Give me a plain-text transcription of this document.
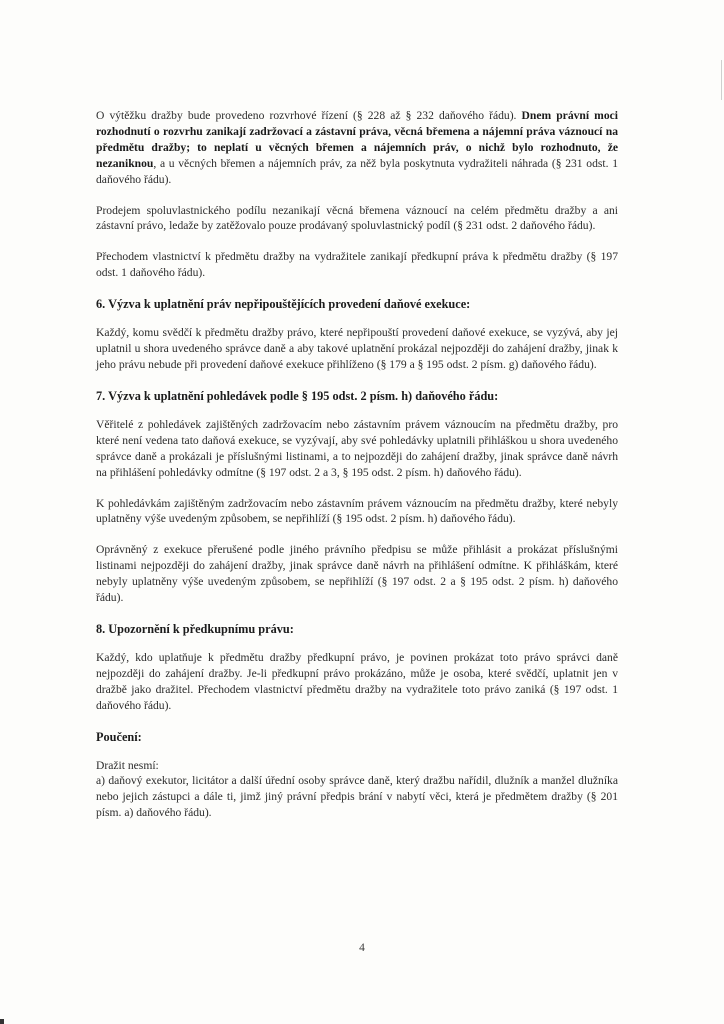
O výtěžku dražby bude provedeno rozvrhové řízení (§ 228 až § 232 daňového řádu). Dnem právní moci rozhodnutí o rozvrhu zanikají zadržovací a zástavní práva, věcná břemena a nájemní práva váznoucí na předmětu dražby; to neplatí u věcných břemen a nájemních práv, o nichž bylo rozhodnuto, že nezaniknou, a u věcných břemen a nájemních práv, za něž byla poskytnuta vydražiteli náhrada (§ 231 odst. 1 daňového řádu).

Prodejem spoluvlastnického podílu nezanikají věcná břemena váznoucí na celém předmětu dražby a ani zástavní právo, ledaže by zatěžovalo pouze prodávaný spoluvlastnický podíl (§ 231 odst. 2 daňového řádu).

Přechodem vlastnictví k předmětu dražby na vydražitele zanikají předkupní práva k předmětu dražby (§ 197 odst. 1 daňového řádu).

6. Výzva k uplatnění práv nepřipouštějících provedení daňové exekuce:

Každý, komu svědčí k předmětu dražby právo, které nepřipouští provedení daňové exekuce, se vyzývá, aby jej uplatnil u shora uvedeného správce daně a aby takové uplatnění prokázal nejpozději do zahájení dražby, jinak k jeho právu nebude při provedení daňové exekuce přihlíženo (§ 179 a § 195 odst. 2 písm. g) daňového řádu).

7. Výzva k uplatnění pohledávek podle § 195 odst. 2 písm. h) daňového řádu:

Věřitelé z pohledávek zajištěných zadržovacím nebo zástavním právem váznoucím na předmětu dražby, pro které není vedena tato daňová exekuce, se vyzývají, aby své pohledávky uplatnili přihláškou u shora uvedeného správce daně a prokázali je příslušnými listinami, a to nejpozději do zahájení dražby, jinak správce daně návrh na přihlášení pohledávky odmítne (§ 197 odst. 2 a 3, § 195 odst. 2 písm. h) daňového řádu).

K pohledávkám zajištěným zadržovacím nebo zástavním právem váznoucím na předmětu dražby, které nebyly uplatněny výše uvedeným způsobem, se nepřihlíží (§ 195 odst. 2 písm. h) daňového řádu).

Oprávněný z exekuce přerušené podle jiného právního předpisu se může přihlásit a prokázat příslušnými listinami nejpozději do zahájení dražby, jinak správce daně návrh na přihlášení odmítne. K přihláškám, které nebyly uplatněny výše uvedeným způsobem, se nepřihlíží (§ 197 odst. 2 a § 195 odst. 2 písm. h) daňového řádu).

8. Upozornění k předkupnímu právu:

Každý, kdo uplatňuje k předmětu dražby předkupní právo, je povinen prokázat toto právo správci daně nejpozději do zahájení dražby. Je-li předkupní právo prokázáno, může je osoba, které svědčí, uplatnit jen v dražbě jako dražitel. Přechodem vlastnictví předmětu dražby na vydražitele toto právo zaniká (§ 197 odst. 1 daňového řádu).

Poučení:

Dražit nesmí:

a) daňový exekutor, licitátor a další úřední osoby správce daně, který dražbu nařídil, dlužník a manžel dlužníka nebo jejich zástupci a dále ti, jimž jiný právní předpis brání v nabytí věci, která je předmětem dražby (§ 201 písm. a) daňového řádu).

4
